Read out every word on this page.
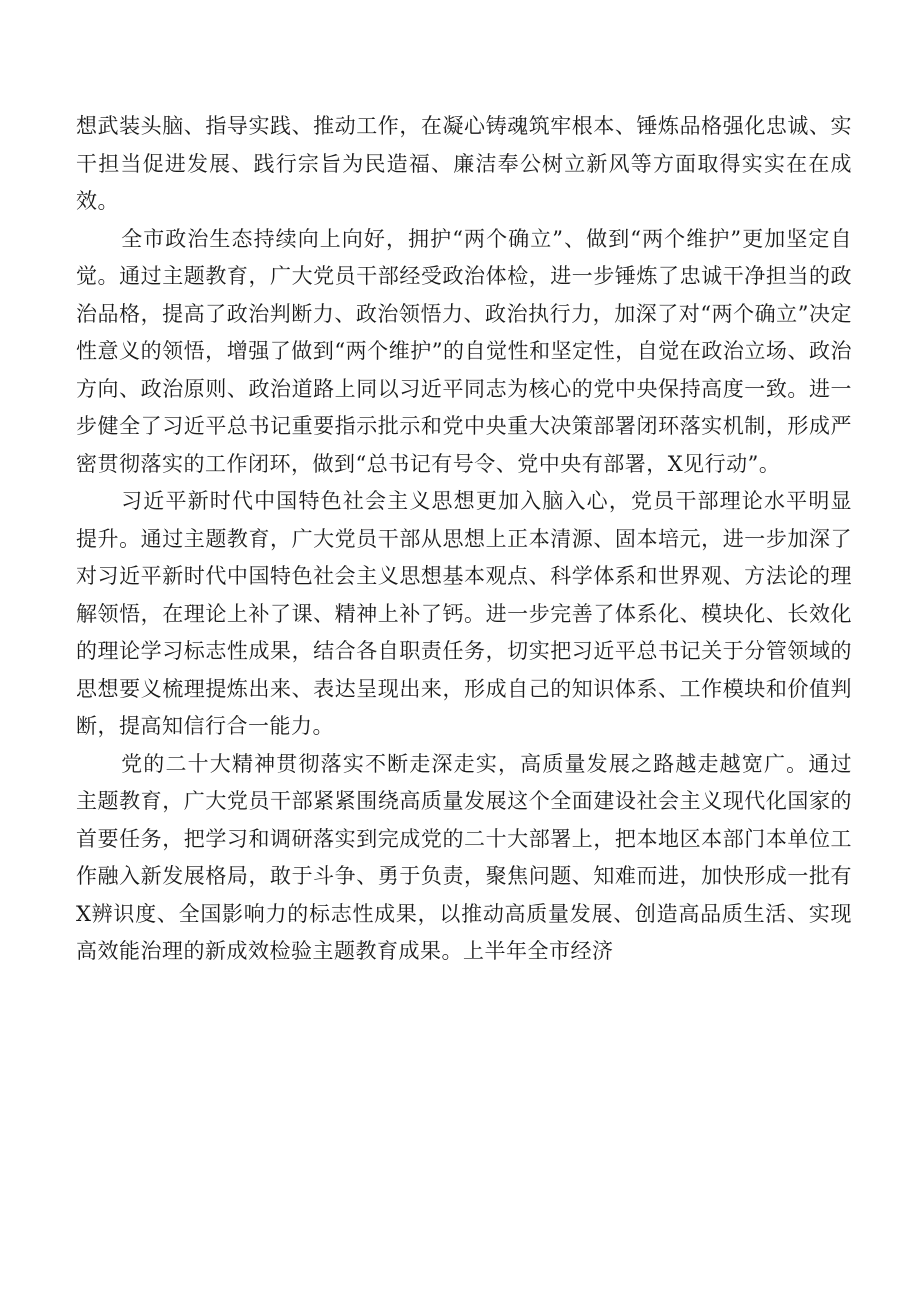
想武装头脑、指导实践、推动工作，在凝心铸魂筑牢根本、锤炼品格强化忠诚、实干担当促进发展、践行宗旨为民造福、廉洁奉公树立新风等方面取得实实在在成效。

全市政治生态持续向上向好，拥护“两个确立”、做到“两个维护”更加坚定自觉。通过主题教育，广大党员干部经受政治体检，进一步锤炼了忠诚干净担当的政治品格，提高了政治判断力、政治领悟力、政治执行力，加深了对“两个确立”决定性意义的领悟，增强了做到“两个维护”的自觉性和坚定性，自觉在政治立场、政治方向、政治原则、政治道路上同以习近平同志为核心的党中央保持高度一致。进一步健全了习近平总书记重要指示批示和党中央重大决策部署闭环落实机制，形成严密贯彻落实的工作闭环，做到“总书记有号令、党中央有部署，X见行动”。

习近平新时代中国特色社会主义思想更加入脑入心，党员干部理论水平明显提升。通过主题教育，广大党员干部从思想上正本清源、固本培元，进一步加深了对习近平新时代中国特色社会主义思想基本观点、科学体系和世界观、方法论的理解领悟，在理论上补了课、精神上补了钙。进一步完善了体系化、模块化、长效化的理论学习标志性成果，结合各自职责任务，切实把习近平总书记关于分管领域的思想要义梳理提炼出来、表达呈现出来，形成自己的知识体系、工作模块和价值判断，提高知信行合一能力。

党的二十大精神贯彻落实不断走深走实，高质量发展之路越走越宽广。通过主题教育，广大党员干部紧紧围绕高质量发展这个全面建设社会主义现代化国家的首要任务，把学习和调研落实到完成党的二十大部署上，把本地区本部门本单位工作融入新发展格局，敢于斗争、勇于负责，聚焦问题、知难而进，加快形成一批有X辨识度、全国影响力的标志性成果，以推动高质量发展、创造高品质生活、实现高效能治理的新成效检验主题教育成果。上半年全市经济
